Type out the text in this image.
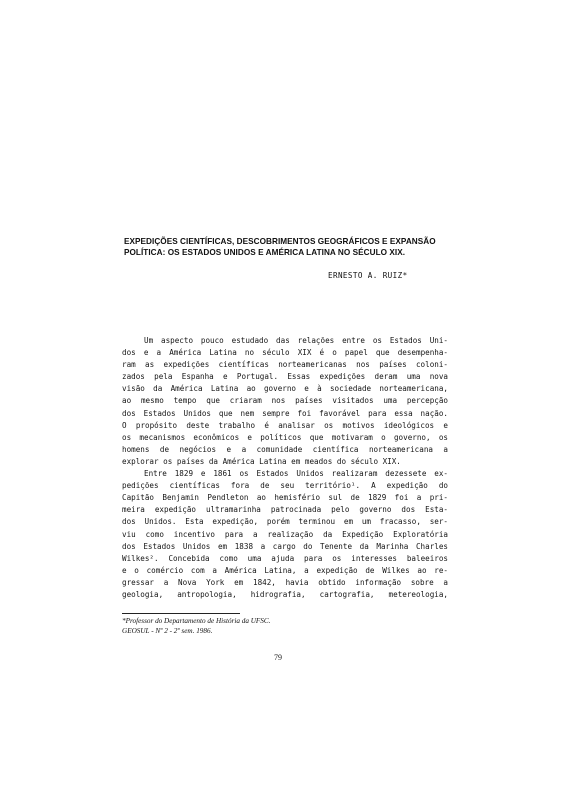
EXPEDIÇÕES CIENTÍFICAS, DESCOBRIMENTOS GEOGRÁFICOS E EXPANSÃO
POLÍTICA: OS ESTADOS UNIDOS E AMÉRICA LATINA NO SÉCULO XIX.
ERNESTO A. RUIZ*
Um aspecto pouco estudado das relações entre os Estados Uni-
dos e a América Latina no século XIX é o papel que desempenha-
ram as expedições científicas norteamericanas nos países coloni-
zados pela Espanha e Portugal. Essas expedições deram uma nova
visão da América Latina ao governo e à sociedade norteamericana,
ao mesmo tempo que criaram nos países visitados uma percepção
dos Estados Unidos que nem sempre foi favorável para essa nação.
O propósito deste trabalho é analisar os motivos ideológicos e
os mecanismos econômicos e políticos que motivaram o governo, os
homens de negócios e a comunidade científica norteamericana a
explorar os países da América Latina em meados do século XIX.
Entre 1829 e 1861 os Estados Unidos realizaram dezessete ex-
pedições científicas fora de seu território¹. A expedição do
Capitão Benjamin Pendleton ao hemisfério sul de 1829 foi a pri-
meira expedição ultramarinha patrocinada pelo governo dos Esta-
dos Unidos. Esta expedição, porém terminou em um fracasso, ser-
viu como incentivo para a realização da Expedição Exploratória
dos Estados Unidos em 1838 a cargo do Tenente da Marinha Charles
Wilkes². Concebida como uma ajuda para os interesses baleeiros
e o comércio com a América Latina, a expedição de Wilkes ao re-
gressar a Nova York em 1842, havia obtido informação sobre a
geologia, antropologia, hidrografia, cartografia, metereologia,
*Professor do Departamento de História da UFSC.
GEOSUL - Nº 2 - 2º sem. 1986.
79
